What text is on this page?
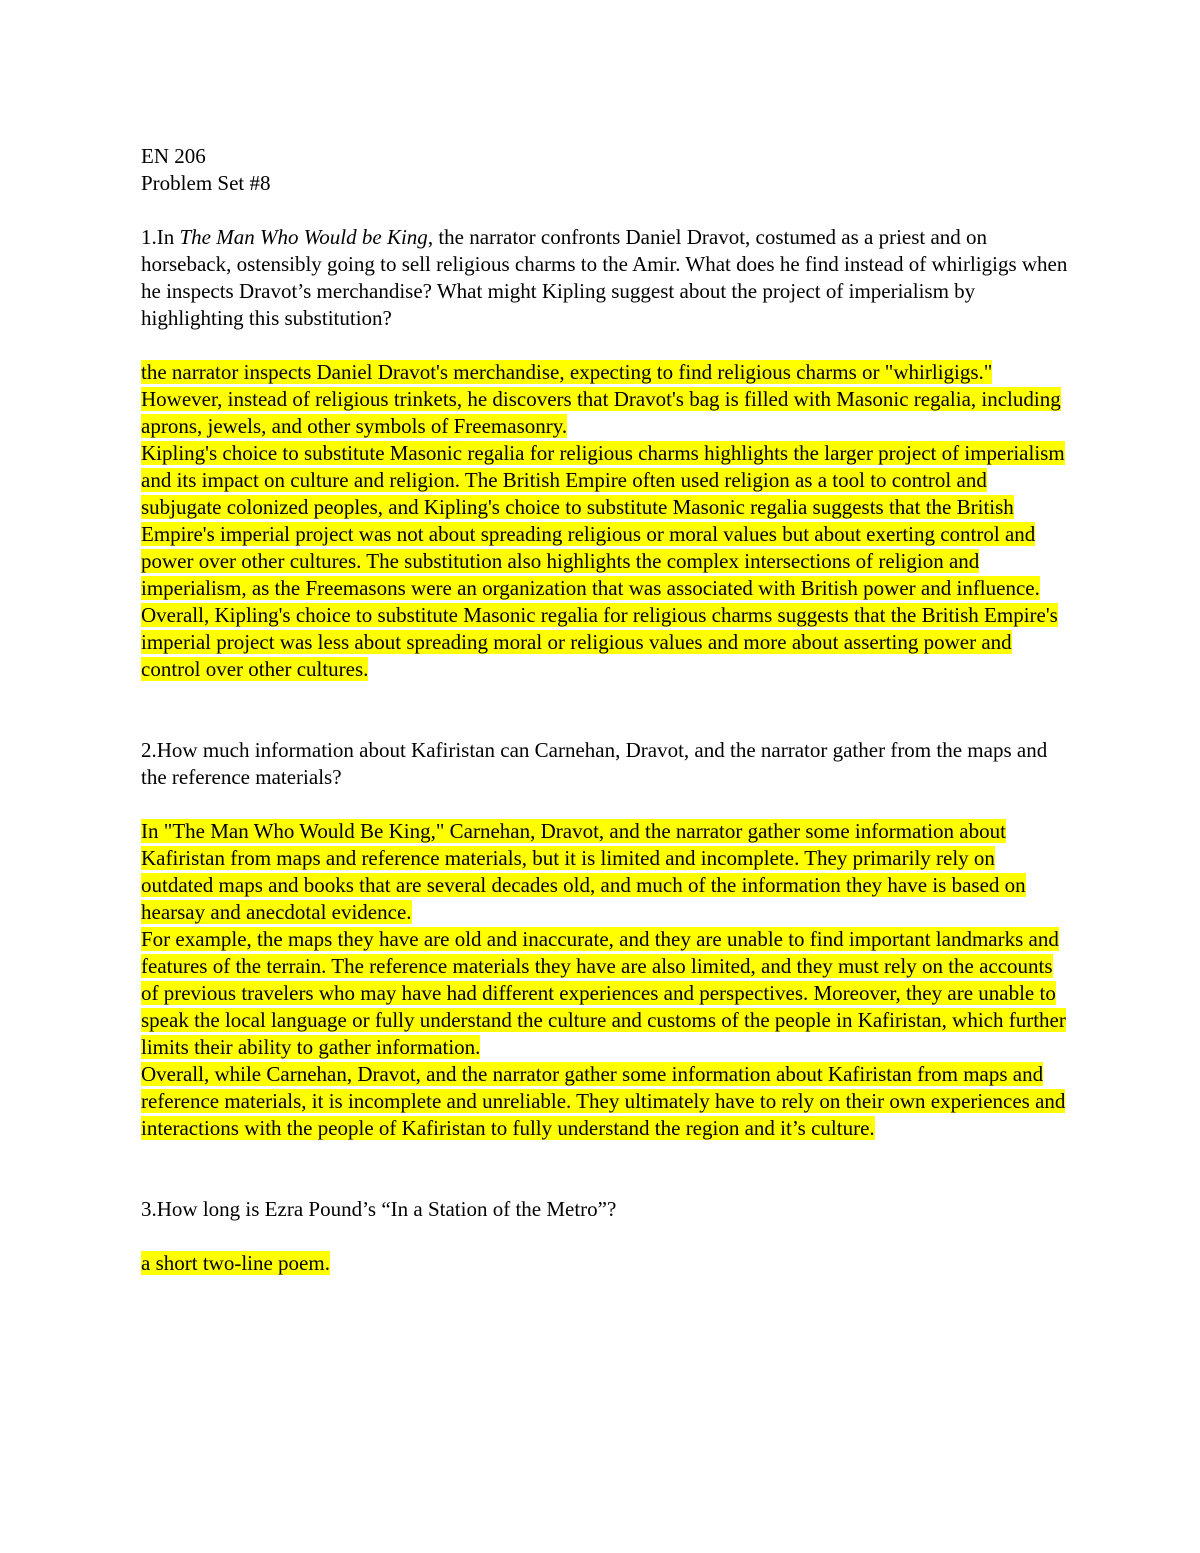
EN 206

Problem Set #8

1.In The Man Who Would be King, the narrator confronts Daniel Dravot, costumed as a priest and on horseback, ostensibly going to sell religious charms to the Amir. What does he find instead of whirligigs when he inspects Dravot’s merchandise? What might Kipling suggest about the project of imperialism by highlighting this substitution?

the narrator inspects Daniel Dravot's merchandise, expecting to find religious charms or "whirligigs." However, instead of religious trinkets, he discovers that Dravot's bag is filled with Masonic regalia, including aprons, jewels, and other symbols of Freemasonry.

Kipling's choice to substitute Masonic regalia for religious charms highlights the larger project of imperialism and its impact on culture and religion. The British Empire often used religion as a tool to control and subjugate colonized peoples, and Kipling's choice to substitute Masonic regalia suggests that the British Empire's imperial project was not about spreading religious or moral values but about exerting control and power over other cultures. The substitution also highlights the complex intersections of religion and imperialism, as the Freemasons were an organization that was associated with British power and influence.

Overall, Kipling's choice to substitute Masonic regalia for religious charms suggests that the British Empire's imperial project was less about spreading moral or religious values and more about asserting power and control over other cultures.

2.How much information about Kafiristan can Carnehan, Dravot, and the narrator gather from the maps and the reference materials?

In "The Man Who Would Be King," Carnehan, Dravot, and the narrator gather some information about Kafiristan from maps and reference materials, but it is limited and incomplete. They primarily rely on outdated maps and books that are several decades old, and much of the information they have is based on hearsay and anecdotal evidence.

For example, the maps they have are old and inaccurate, and they are unable to find important landmarks and features of the terrain. The reference materials they have are also limited, and they must rely on the accounts of previous travelers who may have had different experiences and perspectives. Moreover, they are unable to speak the local language or fully understand the culture and customs of the people in Kafiristan, which further limits their ability to gather information.

Overall, while Carnehan, Dravot, and the narrator gather some information about Kafiristan from maps and reference materials, it is incomplete and unreliable. They ultimately have to rely on their own experiences and interactions with the people of Kafiristan to fully understand the region and it’s culture.

3.How long is Ezra Pound’s “In a Station of the Metro”?

a short two-line poem.
